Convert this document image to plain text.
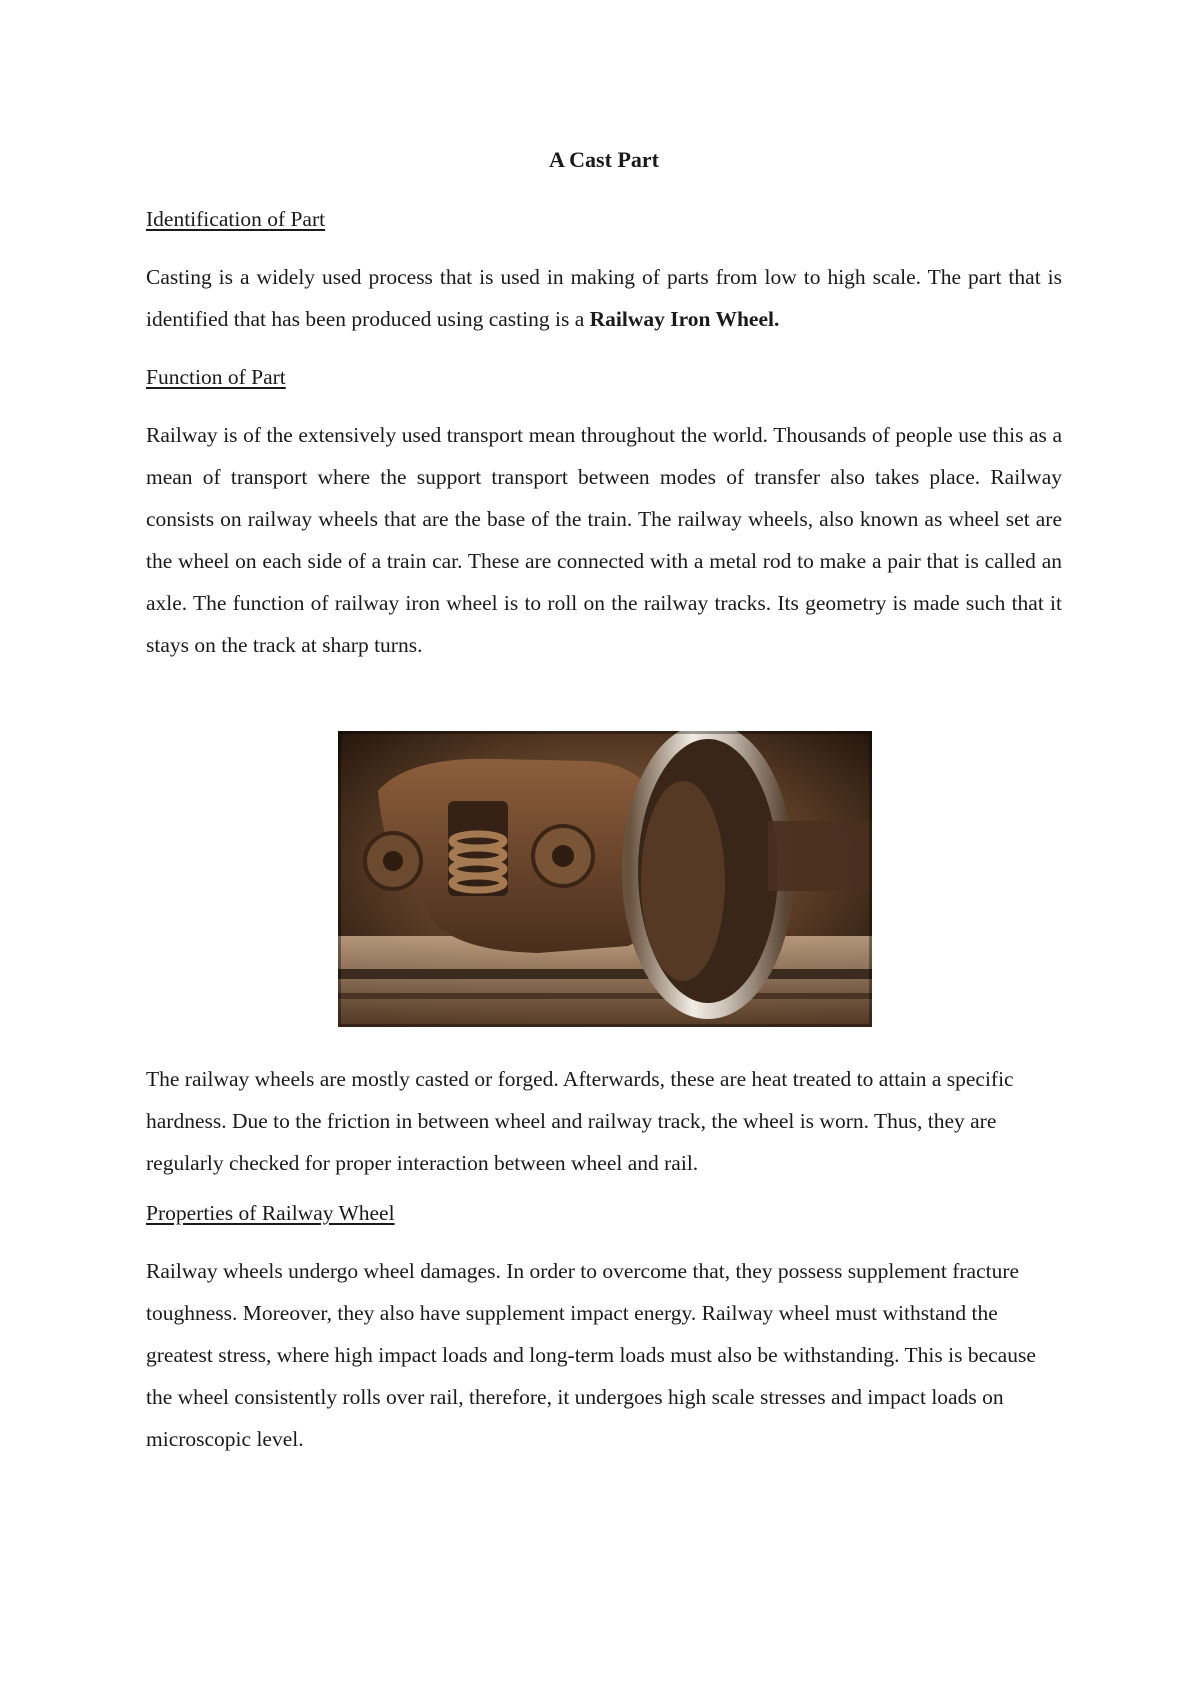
A Cast Part
Identification of Part

Casting is a widely used process that is used in making of parts from low to high scale. The part that is identified that has been produced using casting is a Railway Iron Wheel.

Function of Part

Railway is of the extensively used transport mean throughout the world. Thousands of people use this as a mean of transport where the support transport between modes of transfer also takes place. Railway consists on railway wheels that are the base of the train. The railway wheels, also known as wheel set are the wheel on each side of a train car. These are connected with a metal rod to make a pair that is called an axle. The function of railway iron wheel is to roll on the railway tracks. Its geometry is made such that it stays on the track at sharp turns.

The railway wheels are mostly casted or forged. Afterwards, these are heat treated to attain a specific hardness. Due to the friction in between wheel and railway track, the wheel is worn. Thus, they are regularly checked for proper interaction between wheel and rail.

Properties of Railway Wheel

Railway wheels undergo wheel damages. In order to overcome that, they possess supplement fracture toughness. Moreover, they also have supplement impact energy. Railway wheel must withstand the greatest stress, where high impact loads and long-term loads must also be withstanding. This is because the wheel consistently rolls over rail, therefore, it undergoes high scale stresses and impact loads on microscopic level.
